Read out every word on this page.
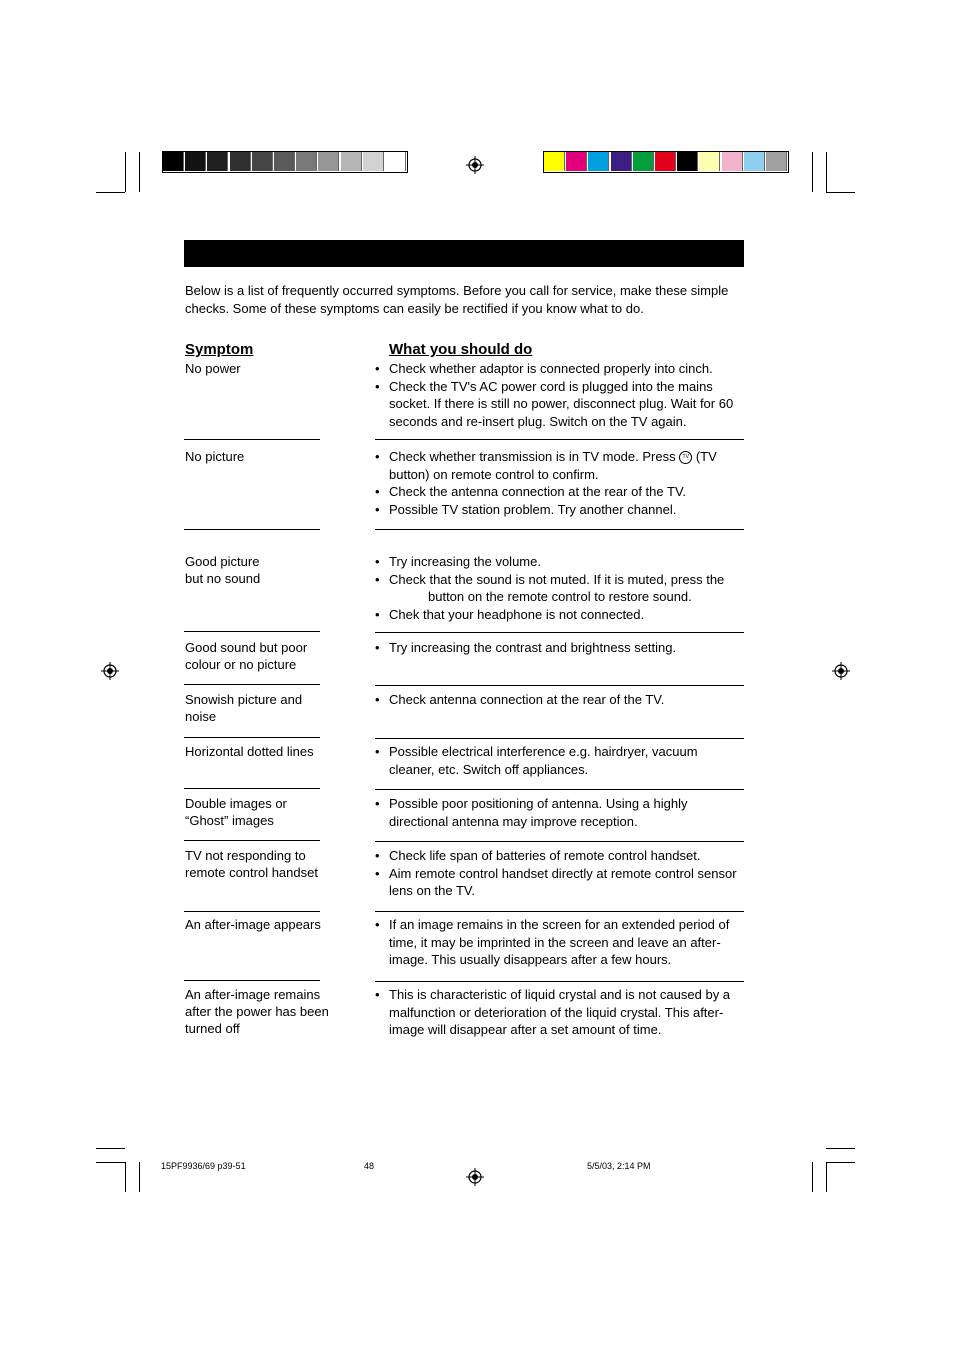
Below is a list of frequently occurred symptoms. Before you call for service, make these simple checks. Some of these symptoms can easily be rectified if you know what to do.
Symptom	What you should do
No power	• Check whether adaptor is connected properly into cinch.
• Check the TV's AC power cord is plugged into the mains socket. If there is still no power, disconnect plug. Wait for 60 seconds and re-insert plug. Switch on the TV again.
No picture	• Check whether transmission is in TV mode. Press TV (TV button) on remote control to confirm.
• Check the antenna connection at the rear of the TV.
• Possible TV station problem. Try another channel.
Good picture
but no sound
• Try increasing the volume.
• Check that the sound is not muted. If it is muted, press the
button on the remote control to restore sound.
• Chek that your headphone is not connected.
Good sound but poor
colour or no picture
• Try increasing the contrast and brightness setting.
Snowish picture and
noise
• Check antenna connection at the rear of the TV.
Horizontal dotted lines	• Possible electrical interference e.g. hairdryer, vacuum cleaner, etc. Switch off appliances.
Double images or
“Ghost” images
• Possible poor positioning of antenna. Using a highly directional antenna may improve reception.
TV not responding to
remote control handset
• Check life span of batteries of remote control handset.
• Aim remote control handset directly at remote control sensor lens on the TV.
An after-image appears	• If an image remains in the screen for an extended period of time, it may be imprinted in the screen and leave an after-image. This usually disappears after a few hours.
An after-image remains
after the power has been
turned off
• This is characteristic of liquid crystal and is not caused by a malfunction or deterioration of the liquid crystal. This after-image will disappear after a set amount of time.
15PF9936/69 p39-51	48	5/5/03, 2:14 PM
